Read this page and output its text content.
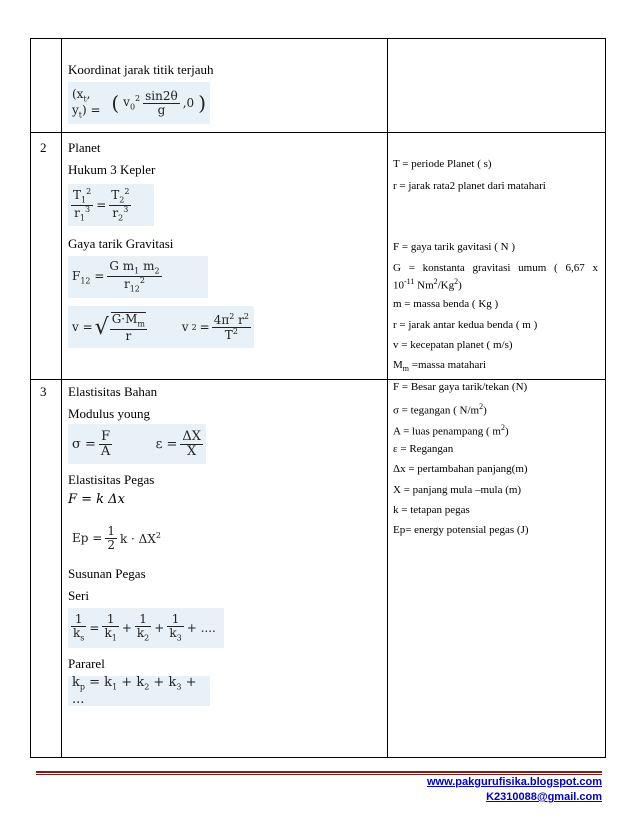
Koordinat jarak titik terjauh
($x_t$, $y_t$) = ( $v_0^2 \frac{\sin 2\theta}{g} ,0$ )
2 Planet
Hukum 3 Kepler
$\frac{T_1^2}{r_1^3} = \frac{T_2^2}{r_2^3}$
Gaya tarik Gravitasi
$F_{12} = \frac{G m_1 m_2}{r_{12}^2}$
v = √ $\frac{G\cdot M_m}{r}$	v $2 = \frac{4\pi^2 r^2}{T^2}$
T = periode Planet ( s)
r = jarak rata2 planet dari matahari
F = gaya tarik gavitasi ( N )
G = konstanta gravitasi umum ( 6,67 x
$10^{-11}$ Nm$^2$/Kg$^2$)
m = massa benda ( Kg )
r = jarak antar kedua benda ( m )
v = kecepatan planet ( m/s)
$M_m$ =massa matahari
3 Elastisitas Bahan
Modulus young
$\sigma = \frac{F}{A}$	$\varepsilon = \frac{\Delta X}{X}$
Elastisitas Pegas
F = k Δx
$Ep = \frac{1}{2}$ $k \cdot \Delta X^2$
Susunan Pegas
Seri
$\frac{1}{k_s} = \frac{1}{k_1} + \frac{1}{k_2} + \frac{1}{k_3}$ + ....
Pararel
$k_p = k_1 + k_2 + k_3$ + ...
F = Besar gaya tarik/tekan (N)
σ = tegangan ( $N/m^2$)
A = luas penampang ( $m^2$)
ε = Regangan
Δx = pertambahan panjang(m)
X = panjang mula –mula (m)
k = tetapan pegas
Ep= energy potensial pegas (J)
www.pakgurufisika.blogspot.com
K2310088@gmail.com
